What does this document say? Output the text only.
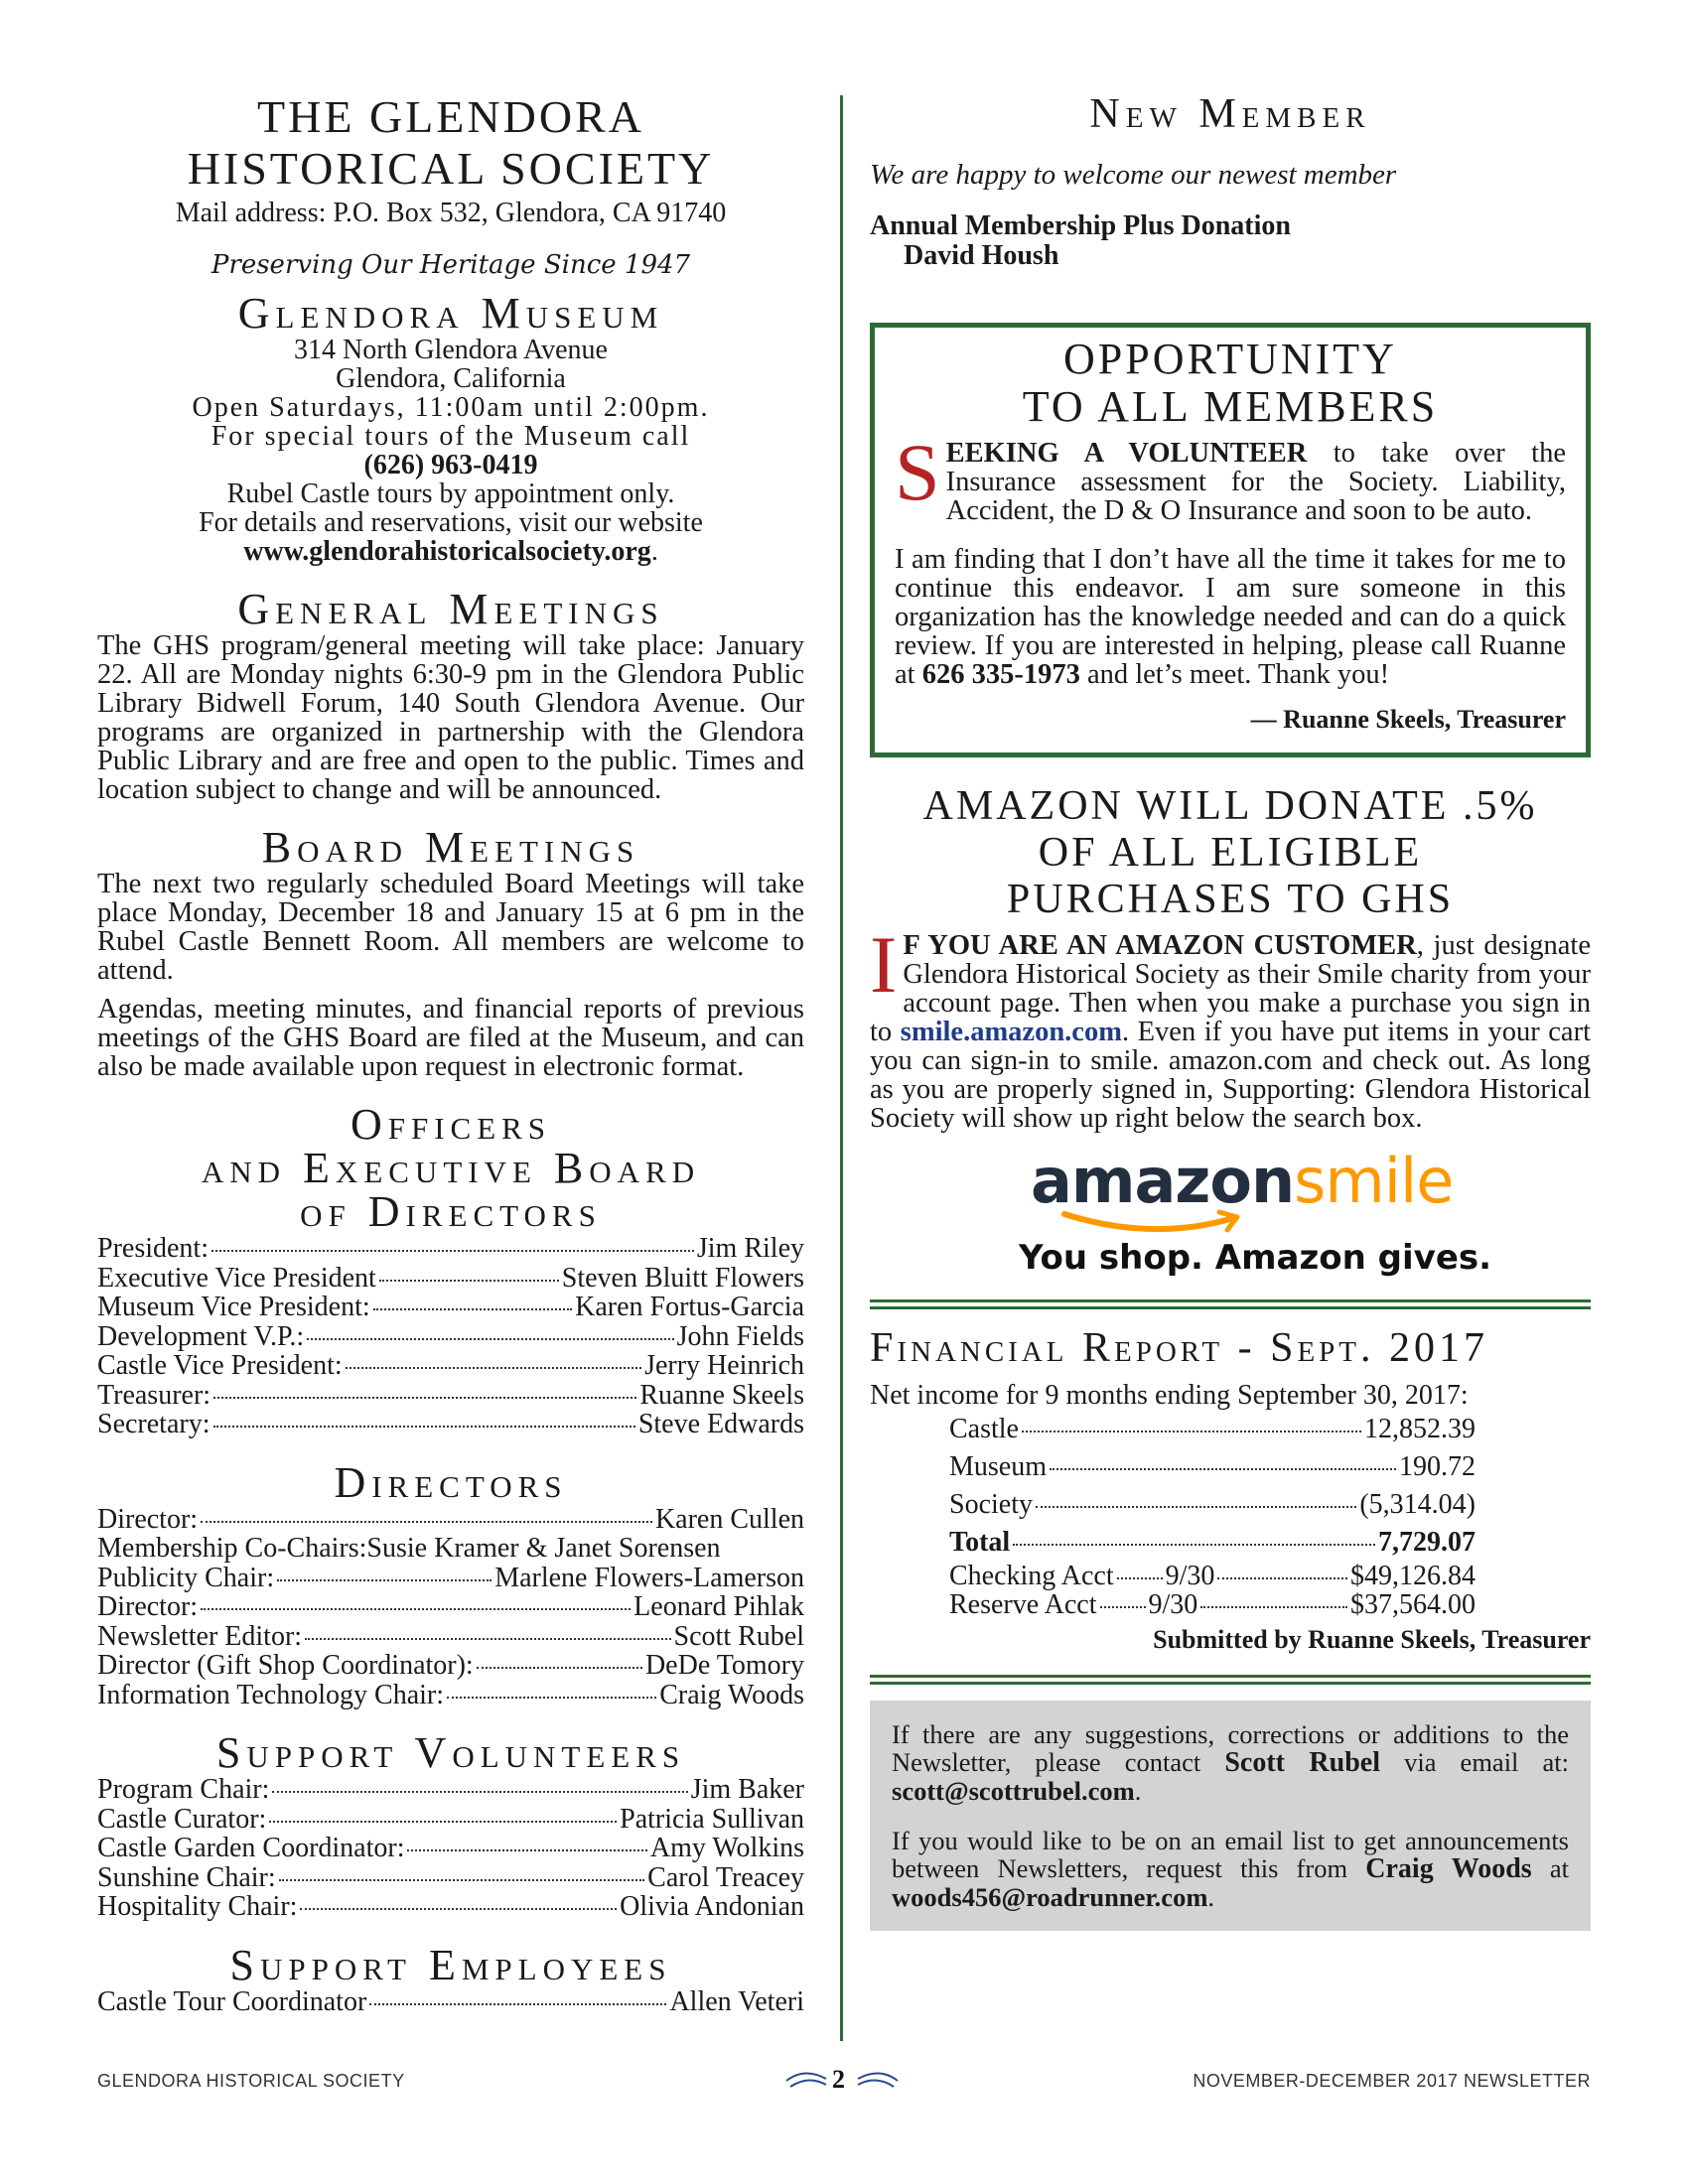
THE GLENDORA
HISTORICAL SOCIETY
Mail address: P.O. Box 532, Glendora, CA 91740
Preserving Our Heritage Since 1947
Glendora Museum
314 North Glendora Avenue
Glendora, California
Open Saturdays, 11:00am until 2:00pm.
For special tours of the Museum call
(626) 963-0419
Rubel Castle tours by appointment only.
For details and reservations, visit our website
www.glendorahistoricalsociety.org.
General Meetings

The GHS program/general meeting will take place: January 22. All are Monday nights 6:30-9 pm in the Glendora Public Library Bidwell Forum, 140 South Glendora Avenue. Our programs are organized in partnership with the Glendora Public Library and are free and open to the public. Times and location subject to change and will be announced.

Board Meetings

The next two regularly scheduled Board Meetings will take place Monday, December 18 and January 15 at 6 pm in the Rubel Castle Bennett Room. All members are welcome to attend.

Agendas, meeting minutes, and financial reports of previous meetings of the GHS Board are filed at the Museum, and can also be made available upon request in electronic format.

Officers
and Executive Board
of Directors
President:	Jim Riley
Executive Vice President	Steven Bluitt Flowers
Museum Vice President:	Karen Fortus-Garcia
Development V.P.:	John Fields
Castle Vice President:	Jerry Heinrich
Treasurer:	Ruanne Skeels
Secretary:	Steve Edwards
Directors
Director:	Karen Cullen
Membership Co-Chairs: Susie Kramer & Janet Sorensen
Publicity Chair:	Marlene Flowers-Lamerson
Director:	Leonard Pihlak
Newsletter Editor:	Scott Rubel
Director (Gift Shop Coordinator):	DeDe Tomory
Information Technology Chair:	Craig Woods
Support Volunteers
Program Chair:	Jim Baker
Castle Curator:	Patricia Sullivan
Castle Garden Coordinator:	Amy Wolkins
Sunshine Chair:	Carol Treacey
Hospitality Chair:	Olivia Andonian
Support Employees
Castle Tour Coordinator	Allen Veteri
New Member
We are happy to welcome our newest member
Annual Membership Plus Donation
David Housh
OPPORTUNITY
TO ALL MEMBERS

SEEKING A VOLUNTEER to take over the Insurance assessment for the Society. Liability, Accident, the D & O Insurance and soon to be auto.

I am finding that I don’t have all the time it takes for me to continue this endeavor. I am sure someone in this organization has the knowledge needed and can do a quick review. If you are interested in helping, please call Ruanne at 626 335-1973 and let’s meet. Thank you!

— Ruanne Skeels, Treasurer
AMAZON WILL DONATE .5%
OF ALL ELIGIBLE
PURCHASES TO GHS

I F YOU ARE AN AMAZON CUSTOMER, just designate Glendora Historical Society as their Smile charity from your account page. Then when you make a purchase you sign in to smile.amazon.com. Even if you have put items in your cart you can sign-in to smile. amazon.com and check out. As long as you are properly signed in, Supporting: Glendora Historical Society will show up right below the search box.

amazonsmile
You shop. Amazon gives.
Financial Report - Sept. 2017
Net income for 9 months ending September 30, 2017:
Castle	12,852.39
Museum	190.72
Society	(5,314.04)
Total	7,729.07
Checking Acct 9/30	$49,126.84
Reserve Acct 9/30	$37,564.00
Submitted by Ruanne Skeels, Treasurer

If there are any suggestions, corrections or additions to the Newsletter, please contact Scott Rubel via email at: scott@scottrubel.com.

If you would like to be on an email list to get announcements between Newsletters, request this from Craig Woods at woods456@roadrunner.com.

GLENDORA HISTORICAL SOCIETY	2	NOVEMBER-DECEMBER 2017 NEWSLETTER
